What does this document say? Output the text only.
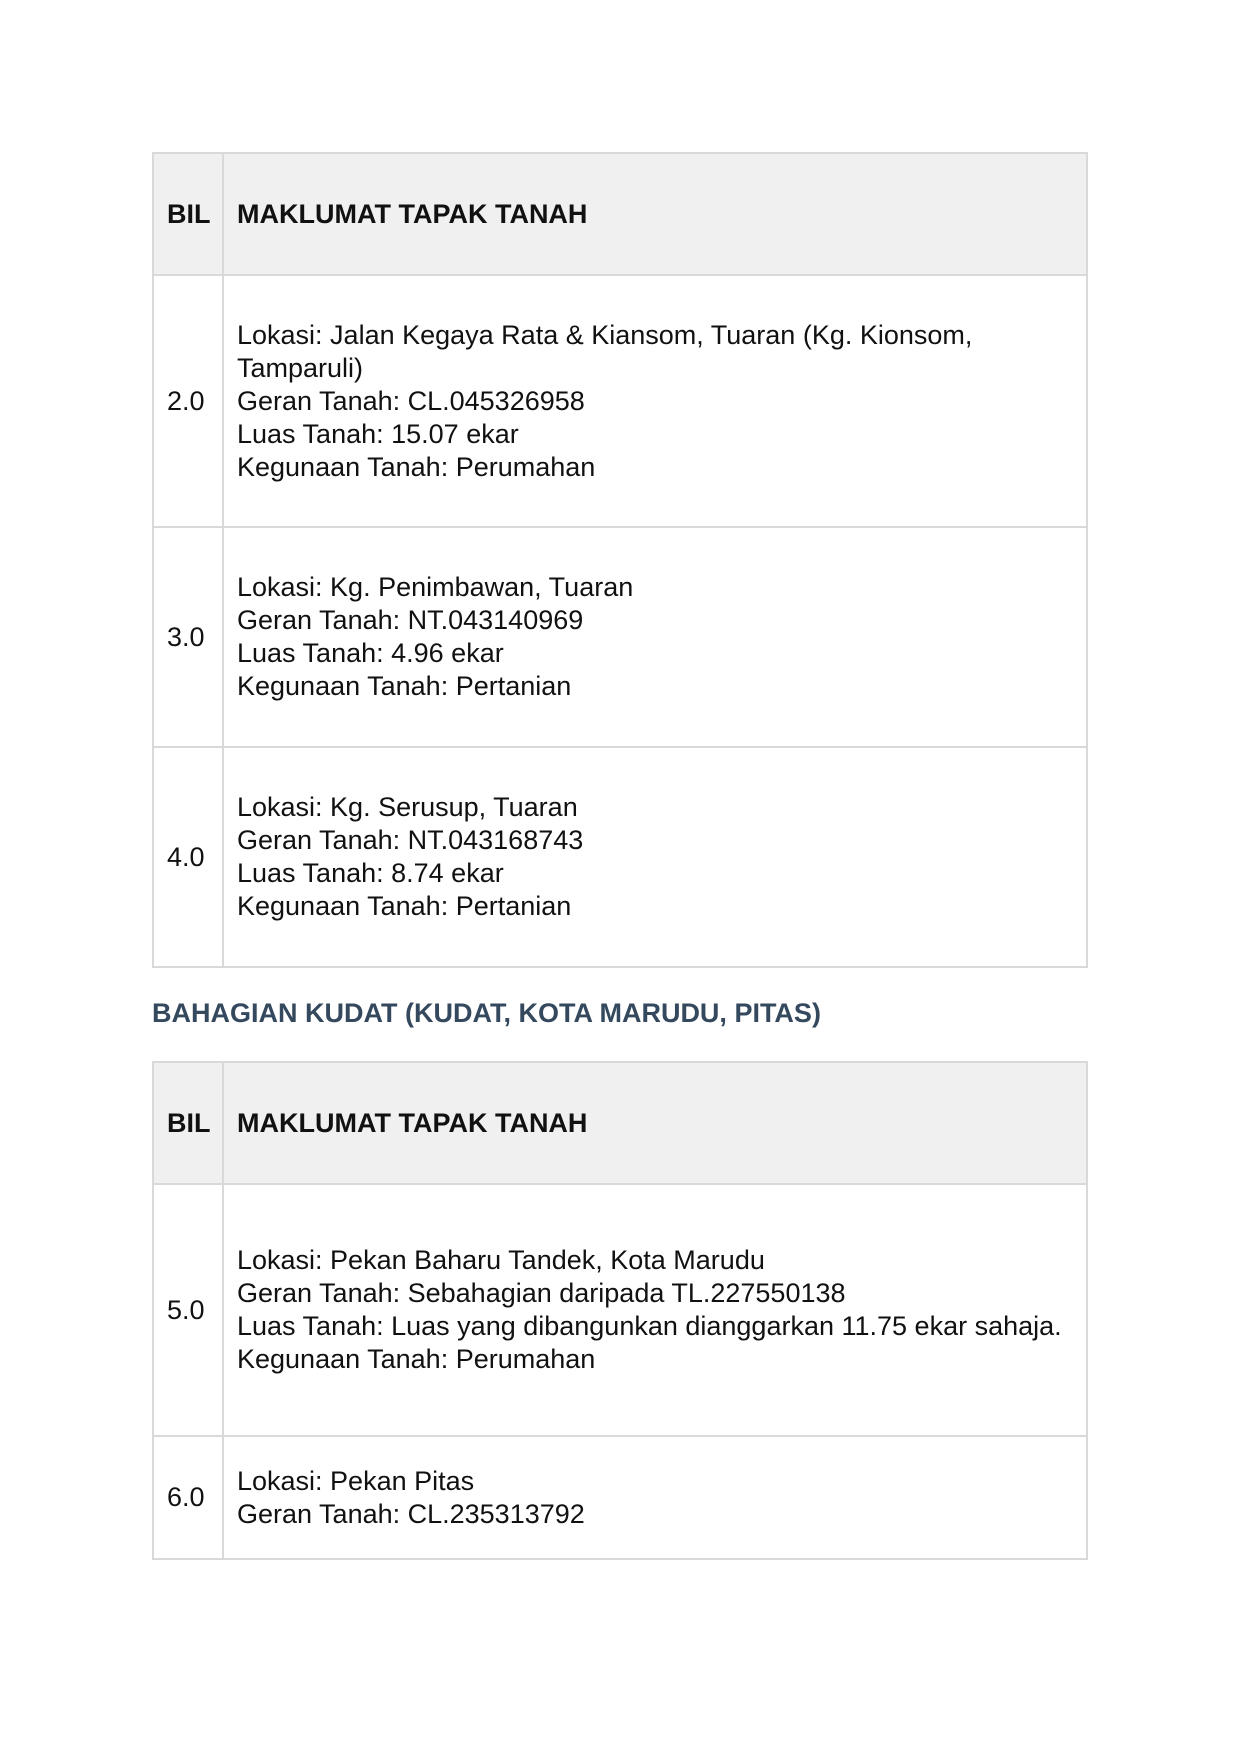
BIL	MAKLUMAT TAPAK TANAH
2.0	Lokasi: Jalan Kegaya Rata & Kiansom, Tuaran (Kg. Kionsom, Tamparuli)
Geran Tanah: CL.045326958
Luas Tanah: 15.07 ekar
Kegunaan Tanah: Perumahan

3.0	Lokasi: Kg. Penimbawan, Tuaran
Geran Tanah: NT.043140969
Luas Tanah: 4.96 ekar
Kegunaan Tanah: Pertanian

4.0	Lokasi: Kg. Serusup, Tuaran
Geran Tanah: NT.043168743
Luas Tanah: 8.74 ekar
Kegunaan Tanah: Pertanian
BAHAGIAN KUDAT (KUDAT, KOTA MARUDU, PITAS)
BIL	MAKLUMAT TAPAK TANAH
5.0	Lokasi: Pekan Baharu Tandek, Kota Marudu
Geran Tanah: Sebahagian daripada TL.227550138
Luas Tanah: Luas yang dibangunkan dianggarkan 11.75 ekar sahaja.
Kegunaan Tanah: Perumahan

6.0	Lokasi: Pekan Pitas
Geran Tanah: CL.235313792
